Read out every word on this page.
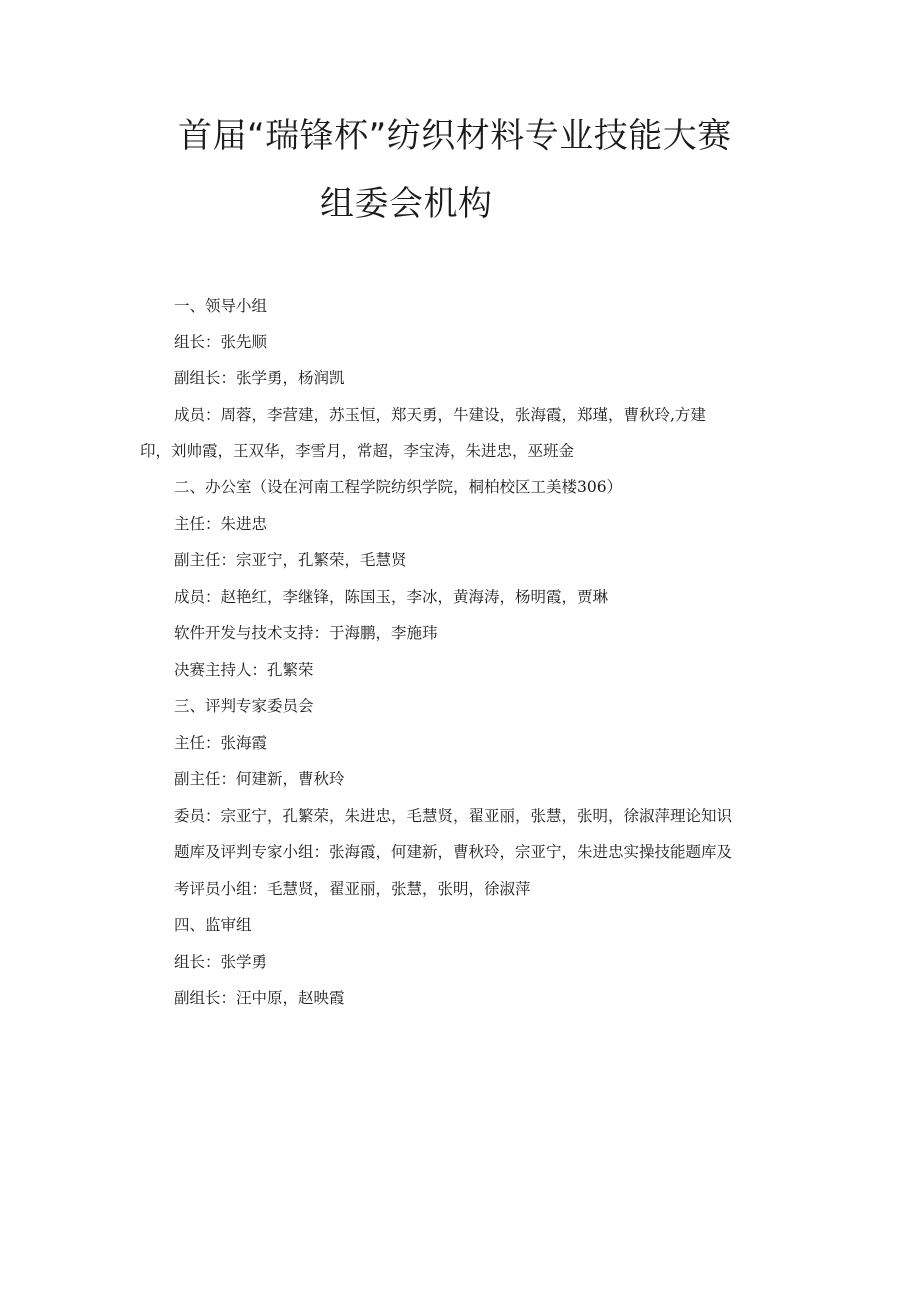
首届“瑞锋杯”纺织材料专业技能大赛
组委会机构
一、领导小组
组长：张先顺
副组长：张学勇，杨润凯
成员：周蓉，李营建，苏玉恒，郑天勇，牛建设，张海霞，郑瑾，曹秋玲,方建
印，刘帅霞，王双华，李雪月，常超，李宝涛，朱进忠，巫班金
二、办公室（设在河南工程学院纺织学院，桐柏校区工美楼306）
主任：朱进忠
副主任：宗亚宁，孔繁荣，毛慧贤
成员：赵艳红，李继锋，陈国玉，李冰，黄海涛，杨明霞，贾琳
软件开发与技术支持：于海鹏，李施玮
决赛主持人：孔繁荣
三、评判专家委员会
主任：张海霞
副主任：何建新，曹秋玲
委员：宗亚宁，孔繁荣，朱进忠，毛慧贤，翟亚丽，张慧，张明，徐淑萍理论知识
题库及评判专家小组：张海霞，何建新，曹秋玲，宗亚宁，朱进忠实操技能题库及
考评员小组：毛慧贤，翟亚丽，张慧，张明，徐淑萍
四、监审组
组长：张学勇
副组长：汪中原，赵映霞
